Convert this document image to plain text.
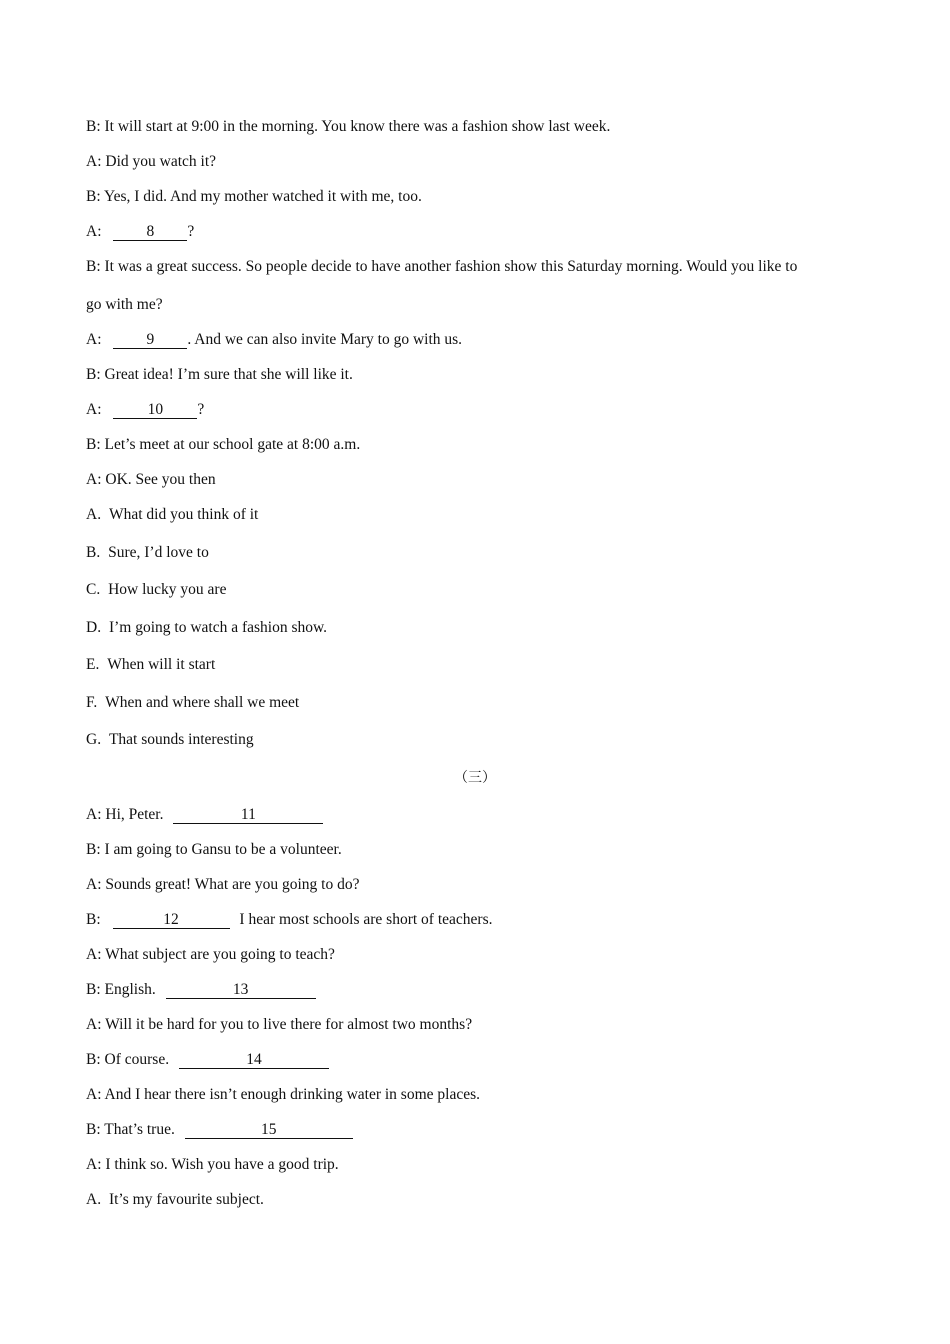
B: It will start at 9:00 in the morning. You know there was a fashion show last week.
A: Did you watch it?
B: Yes, I did. And my mother watched it with me, too.
A:	8 ?
B: It was a great success. So people decide to have another fashion show this Saturday morning. Would you like to
go with me?
A:	9 . And we can also invite Mary to go with us.
B: Great idea! I’m sure that she will like it.
A:	10 ?
B: Let’s meet at our school gate at 8:00 a.m.
A: OK. See you then
A. What did you think of it
B. Sure, I’d love to
C. How lucky you are
D. I’m going to watch a fashion show.
E. When will it start
F. When and where shall we meet
G. That sounds interesting
（三）
A: Hi, Peter.	11
B: I am going to Gansu to be a volunteer.
A: Sounds great! What are you going to do?
B:	12	I hear most schools are short of teachers.
A: What subject are you going to teach?
B: English.	13
A: Will it be hard for you to live there for almost two months?
B: Of course.	14
A: And I hear there isn’t enough drinking water in some places.
B: That’s true.	15
A: I think so. Wish you have a good trip.
A. It’s my favourite subject.
